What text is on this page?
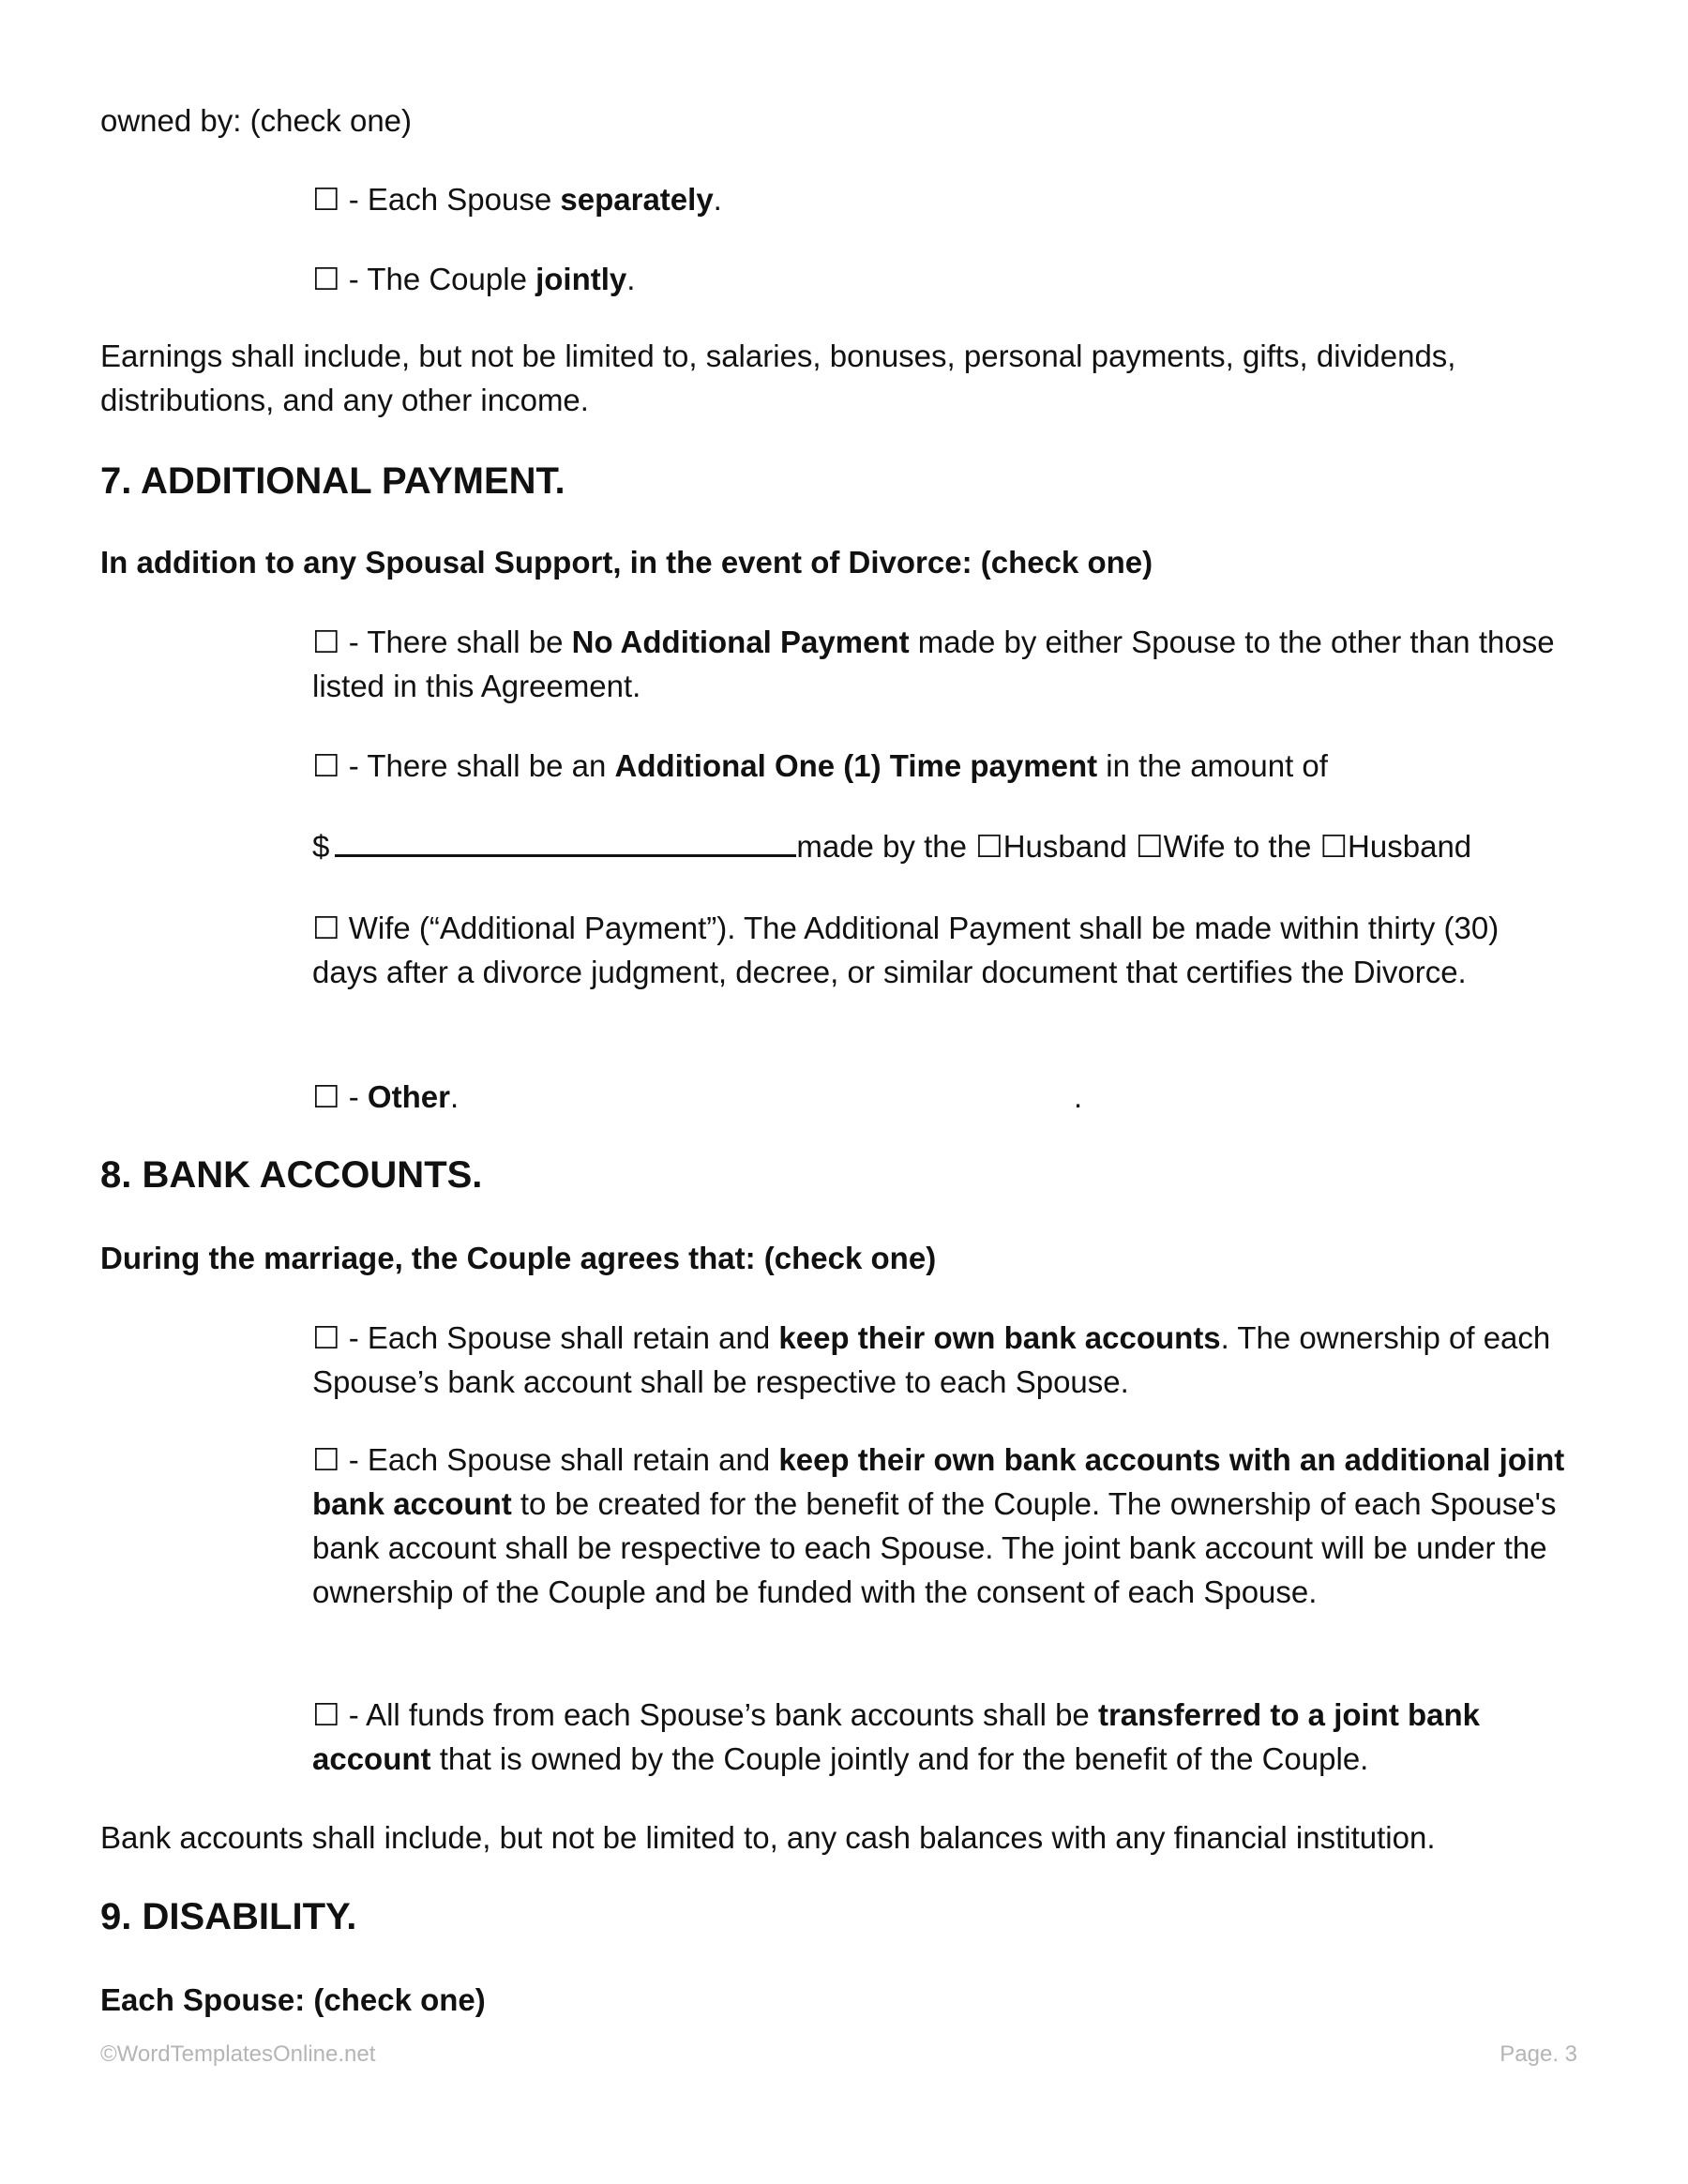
owned by: (check one)

☐ - Each Spouse separately.

☐ - The Couple jointly.

Earnings shall include, but not be limited to, salaries, bonuses, personal payments, gifts, dividends, distributions, and any other income.

7. ADDITIONAL PAYMENT.

In addition to any Spousal Support, in the event of Divorce: (check one)

☐ - There shall be No Additional Payment made by either Spouse to the other than those listed in this Agreement.

☐ - There shall be an Additional One (1) Time payment in the amount of

$	made by the ☐Husband ☐Wife to the ☐Husband

☐ Wife (“Additional Payment”). The Additional Payment shall be made within thirty (30) days after a divorce judgment, decree, or similar document that certifies the Divorce.

☐ - Other.	.

8. BANK ACCOUNTS.

During the marriage, the Couple agrees that: (check one)

☐ - Each Spouse shall retain and keep their own bank accounts. The ownership of each Spouse’s bank account shall be respective to each Spouse.

☐ - Each Spouse shall retain and keep their own bank accounts with an additional joint bank account to be created for the benefit of the Couple. The ownership of each Spouse's bank account shall be respective to each Spouse. The joint bank account will be under the ownership of the Couple and be funded with the consent of each Spouse.

☐ - All funds from each Spouse’s bank accounts shall be transferred to a joint bank account that is owned by the Couple jointly and for the benefit of the Couple.

Bank accounts shall include, but not be limited to, any cash balances with any financial institution.

9. DISABILITY.

Each Spouse: (check one)

©WordTemplatesOnline.net	Page. 3
